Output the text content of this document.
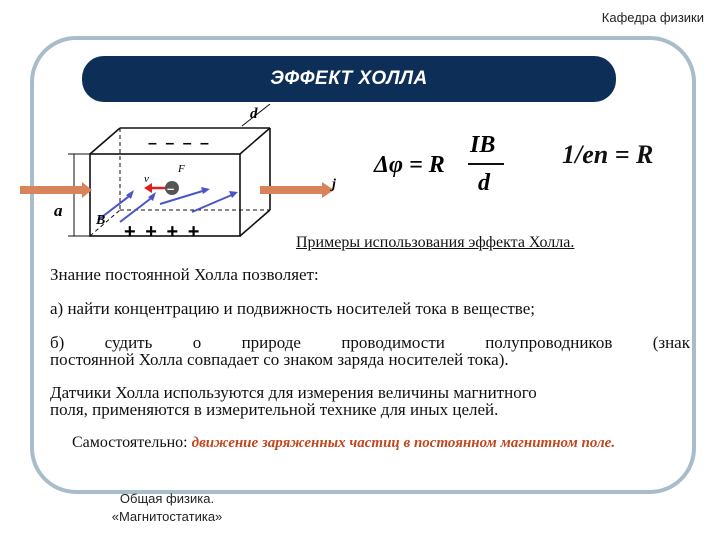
Кафедра физики
ЭФФЕКТ ХОЛЛА
d
a
– – – –
+ + + +
j
B
v
F
–
Δφ = R
IB
d
1/en = R
Примеры использования эффекта Холла.
Знание постоянной Холла позволяет:
а) найти концентрацию и подвижность носителей тока в веществе;
б) судить о природе проводимости полупроводников (знак
постоянной Холла совпадает со знаком заряда носителей тока).
Датчики Холла используются для измерения величины магнитного
поля, применяются в измерительной технике для иных целей.
Самостоятельно: движение заряженных частиц в постоянном магнитном поле.
Общая физика.
«Магнитостатика»
